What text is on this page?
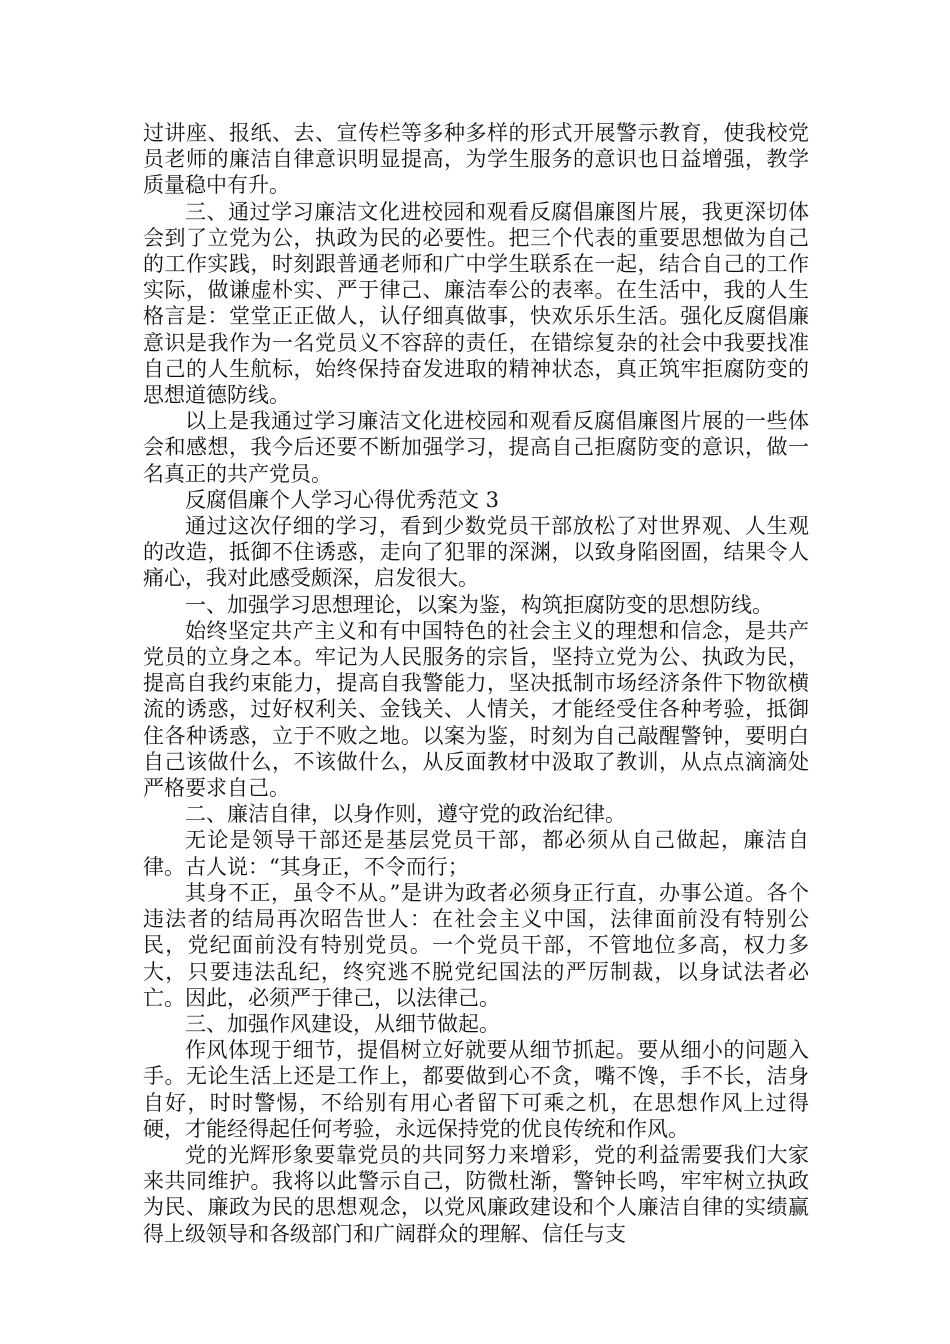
过讲座、报纸、去、宣传栏等多种多样的形式开展警示教育，使我校党员老师的廉洁自律意识明显提高，为学生服务的意识也日益增强，教学质量稳中有升。

三、通过学习廉洁文化进校园和观看反腐倡廉图片展，我更深切体会到了立党为公，执政为民的必要性。把三个代表的重要思想做为自己的工作实践，时刻跟普通老师和广中学生联系在一起，结合自己的工作实际，做谦虚朴实、严于律己、廉洁奉公的表率。在生活中，我的人生格言是：堂堂正正做人，认仔细真做事，快欢乐乐生活。强化反腐倡廉意识是我作为一名党员义不容辞的责任，在错综复杂的社会中我要找准自己的人生航标，始终保持奋发进取的精神状态，真正筑牢拒腐防变的思想道德防线。

以上是我通过学习廉洁文化进校园和观看反腐倡廉图片展的一些体会和感想，我今后还要不断加强学习，提高自己拒腐防变的意识，做一名真正的共产党员。

反腐倡廉个人学习心得优秀范文 3

通过这次仔细的学习，看到少数党员干部放松了对世界观、人生观的改造，抵御不住诱惑，走向了犯罪的深渊，以致身陷囹圄，结果令人痛心，我对此感受颇深，启发很大。

一、加强学习思想理论，以案为鉴，构筑拒腐防变的思想防线。

始终坚定共产主义和有中国特色的社会主义的理想和信念，是共产党员的立身之本。牢记为人民服务的宗旨，坚持立党为公、执政为民，提高自我约束能力，提高自我警能力，坚决抵制市场经济条件下物欲横流的诱惑，过好权利关、金钱关、人情关，才能经受住各种考验，抵御住各种诱惑，立于不败之地。以案为鉴，时刻为自己敲醒警钟，要明白自己该做什么，不该做什么，从反面教材中汲取了教训，从点点滴滴处严格要求自己。

二、廉洁自律，以身作则，遵守党的政治纪律。

无论是领导干部还是基层党员干部，都必须从自己做起，廉洁自律。古人说：“其身正，不令而行；

其身不正，虽令不从。”是讲为政者必须身正行直，办事公道。各个违法者的结局再次昭告世人：在社会主义中国，法律面前没有特别公民，党纪面前没有特别党员。一个党员干部，不管地位多高，权力多大，只要违法乱纪，终究逃不脱党纪国法的严厉制裁，以身试法者必亡。因此，必须严于律己，以法律己。

三、加强作风建设，从细节做起。

作风体现于细节，提倡树立好就要从细节抓起。要从细小的问题入手。无论生活上还是工作上，都要做到心不贪，嘴不馋，手不长，洁身自好，时时警惕，不给别有用心者留下可乘之机，在思想作风上过得硬，才能经得起任何考验，永远保持党的优良传统和作风。

党的光辉形象要靠党员的共同努力来增彩，党的利益需要我们大家来共同维护。我将以此警示自己，防微杜渐，警钟长鸣，牢牢树立执政为民、廉政为民的思想观念，以党风廉政建设和个人廉洁自律的实绩赢得上级领导和各级部门和广阔群众的理解、信任与支
